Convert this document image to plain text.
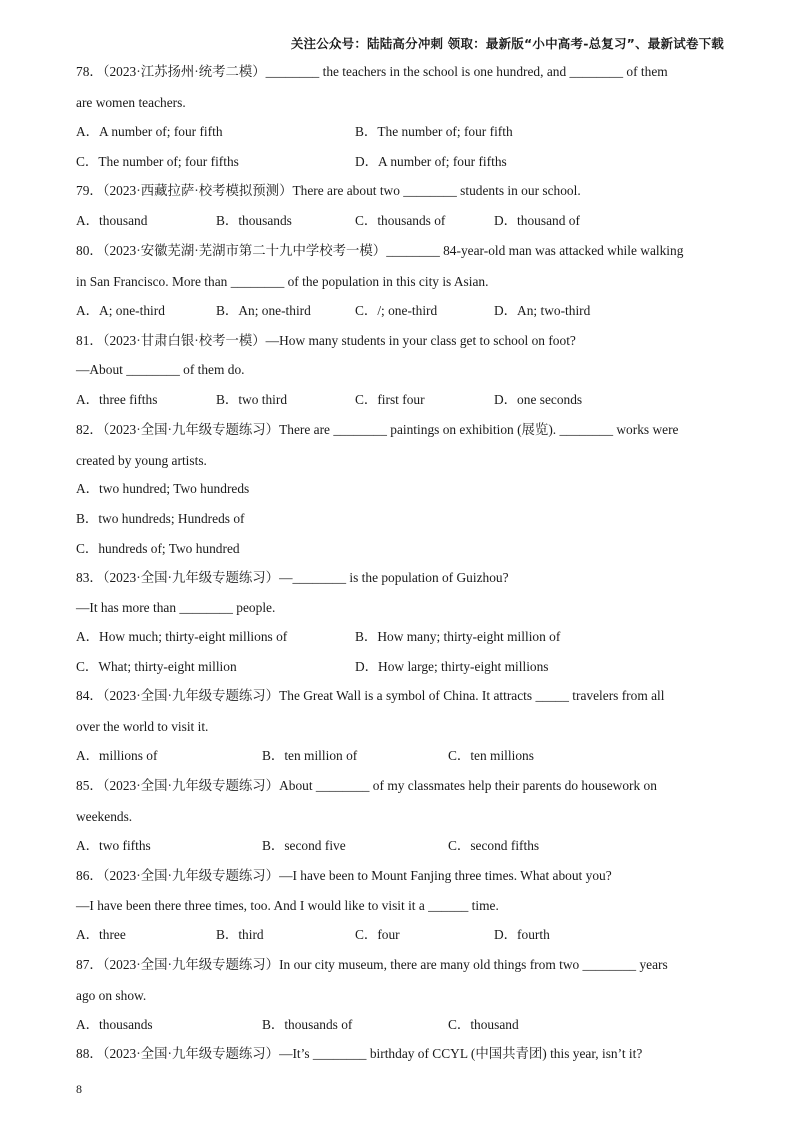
关注公众号：陆陆高分冲刺 领取：最新版“小中高考-总复习”、最新试卷下载
78．（2023·江苏扬州·统考二模）________ the teachers in the school is one hundred, and ________ of them
are women teachers.
A．A number of; four fifth	B．The number of; four fifth
C．The number of; four fifths	D．A number of; four fifths
79．（2023·西藏拉萨·校考模拟预测）There are about two ________ students in our school.
A．thousand	B．thousands	C．thousands of	D．thousand of
80．（2023·安徽芜湖·芜湖市第二十九中学校考一模）________ 84-year-old man was attacked while walking
in San Francisco. More than ________ of the population in this city is Asian.
A．A; one-third	B．An; one-third	C．/; one-third	D．An; two-third
81．（2023·甘肃白银·校考一模）—How many students in your class get to school on foot?
—About ________ of them do.
A．three fifths	B．two third	C．first four	D．one seconds
82．（2023·全国·九年级专题练习）There are ________ paintings on exhibition (展览). ________ works were
created by young artists.
A．two hundred; Two hundreds
B．two hundreds; Hundreds of
C．hundreds of; Two hundred
83．（2023·全国·九年级专题练习）—________ is the population of Guizhou?
—It has more than ________ people.
A．How much; thirty-eight millions of	B．How many; thirty-eight million of
C．What; thirty-eight million	D．How large; thirty-eight millions
84．（2023·全国·九年级专题练习）The Great Wall is a symbol of China. It attracts _____ travelers from all
over the world to visit it.
A．millions of	B．ten million of	C．ten millions
85．（2023·全国·九年级专题练习）About ________ of my classmates help their parents do housework on
weekends.
A．two fifths	B．second five	C．second fifths
86．（2023·全国·九年级专题练习）—I have been to Mount Fanjing three times. What about you?
—I have been there three times, too. And I would like to visit it a ______ time.
A．three	B．third	C．four	D．fourth
87．（2023·全国·九年级专题练习）In our city museum, there are many old things from two ________ years
ago on show.
A．thousands	B．thousands of	C．thousand
88．（2023·全国·九年级专题练习）—It’s ________ birthday of CCYL (中国共青团) this year, isn’t it?
8
